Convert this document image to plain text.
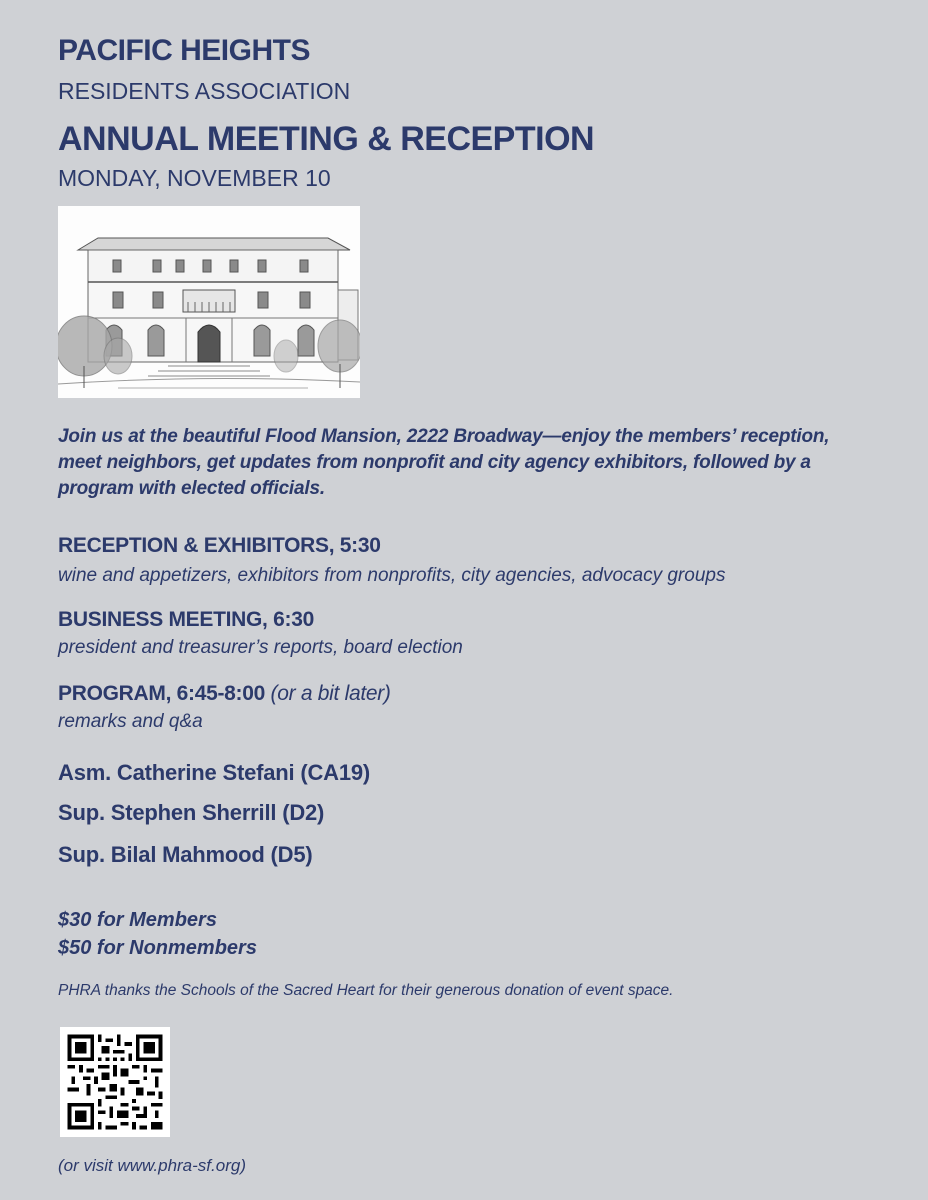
PACIFIC HEIGHTS
RESIDENTS ASSOCIATION
ANNUAL MEETING & RECEPTION
MONDAY, NOVEMBER 10
Join us at the beautiful Flood Mansion, 2222 Broadway—enjoy the members’ reception, meet neighbors, get updates from nonprofit and city agency exhibitors, followed by a program with elected officials.
RECEPTION & EXHIBITORS, 5:30
wine and appetizers, exhibitors from nonprofits, city agencies, advocacy groups
BUSINESS MEETING, 6:30
president and treasurer’s reports, board election
PROGRAM, 6:45-8:00 (or a bit later)
remarks and q&a
Asm. Catherine Stefani (CA19)
Sup. Stephen Sherrill (D2)
Sup. Bilal Mahmood (D5)
$30 for Members
$50 for Nonmembers
PHRA thanks the Schools of the Sacred Heart for their generous donation of event space.
(or visit www.phra-sf.org)
